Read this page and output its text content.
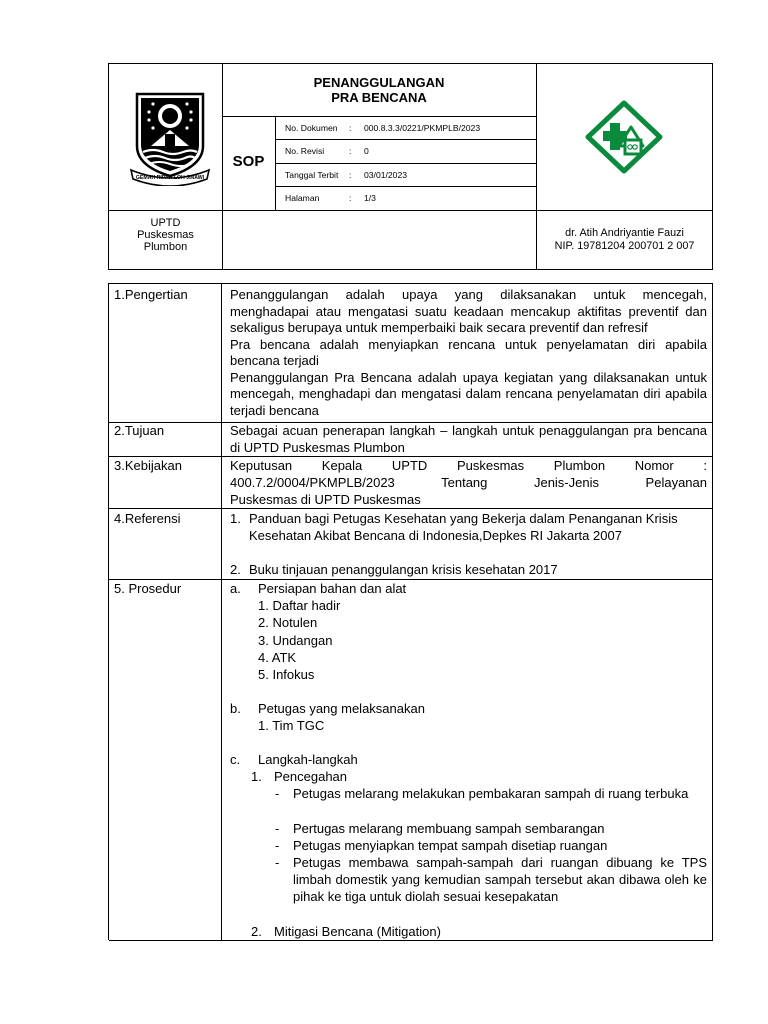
GEMAH RIPAH LOH JINAWI
PENANGGULANGAN
PRA BENCANA
SOP
No. Dokumen : 000.8.3.3/0221/PKMPLB/2023
No. Revisi	: 0
Tanggal Terbit : 03/01/2023
Halaman	: 1/3
UPTD
Puskesmas
Plumbon
dr. Atih Andriyantie Fauzi
NIP. 19781204 200701 2 007
1.Pengertian	Penanggulangan adalah upaya yang dilaksanakan untuk mencegah, menghadapai atau mengatasi suatu keadaan mencakup aktifitas preventif dan sekaligus berupaya untuk memperbaiki baik secara preventif dan refresif
Pra bencana adalah menyiapkan rencana untuk penyelamatan diri apabila bencana terjadi
Penanggulangan Pra Bencana adalah upaya kegiatan yang dilaksanakan untuk mencegah, menghadapi dan mengatasi dalam rencana penyelamatan diri apabila terjadi bencana
2.Tujuan	Sebagai acuan penerapan langkah – langkah untuk penaggulangan pra bencana di UPTD Puskesmas Plumbon
3.Kebijakan	Keputusan Kepala UPTD Puskesmas Plumbon Nomor :
400.7.2/0004/PKMPLB/2023 Tentang Jenis-Jenis Pelayanan
Puskesmas di UPTD Puskesmas
4.Referensi	1. Panduan bagi Petugas Kesehatan yang Bekerja dalam Penanganan Krisis Kesehatan Akibat Bencana di Indonesia,Depkes RI Jakarta 2007
2. Buku tinjauan penanggulangan krisis kesehatan 2017
5. Prosedur	a. Persiapan bahan dan alat
1. Daftar hadir
2. Notulen
3. Undangan
4. ATK
5. Infokus
b. Petugas yang melaksanakan
1. Tim TGC
c. Langkah-langkah
1. Pencegahan
- Petugas melarang melakukan pembakaran sampah di ruang terbuka
- Pertugas melarang membuang sampah sembarangan
- Petugas menyiapkan tempat sampah disetiap ruangan
- Petugas membawa sampah-sampah dari ruangan dibuang ke TPS limbah domestik yang kemudian sampah tersebut akan dibawa oleh ke pihak ke tiga untuk diolah sesuai kesepakatan
2. Mitigasi Bencana (Mitigation)
